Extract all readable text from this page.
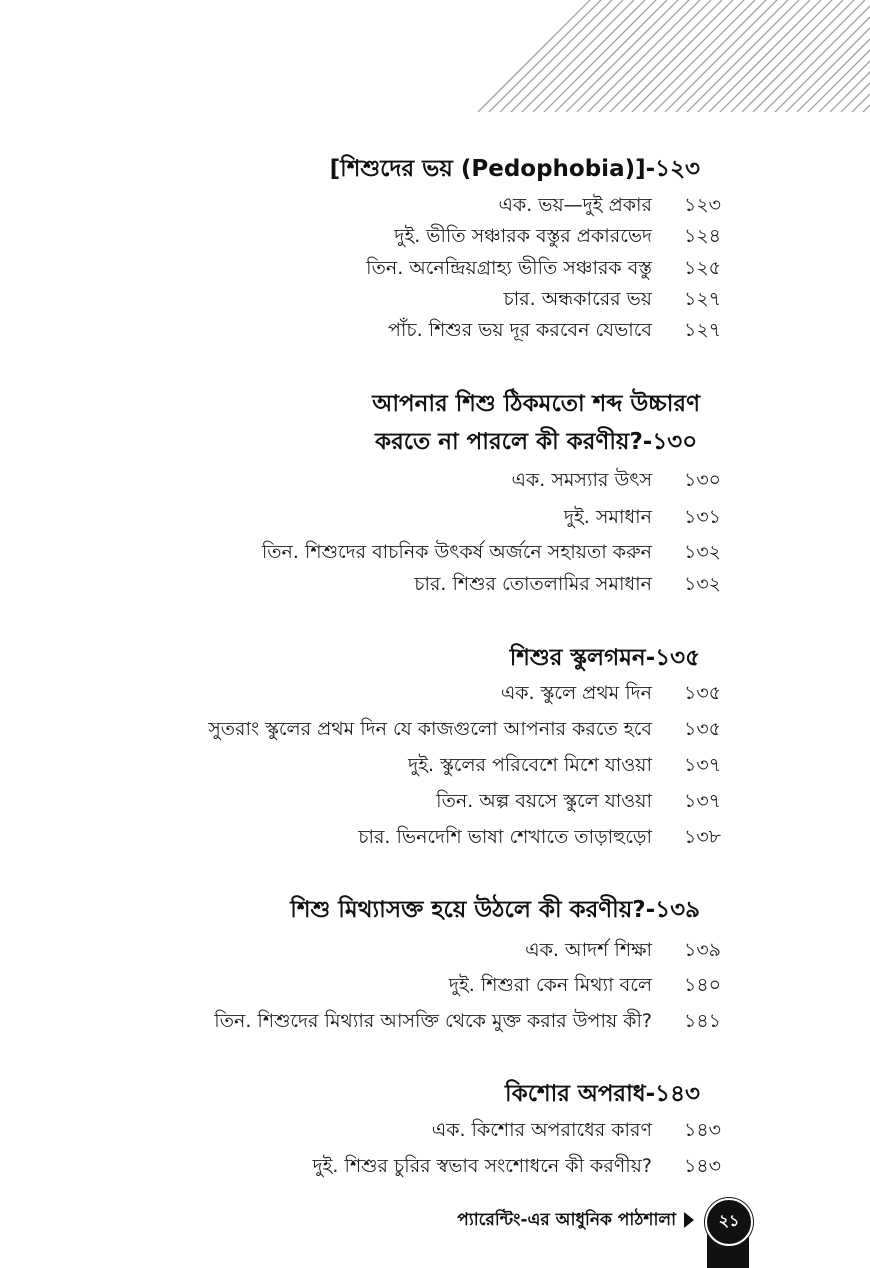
[শিশুদের ভয় (Pedophobia)]-১২৩
এক. ভয়—দুই প্রকার ১২৩
দুই. ভীতি সঞ্চারক বস্তুর প্রকারভেদ ১২৪
তিন. অনেন্দ্রিয়গ্রাহ্য ভীতি সঞ্চারক বস্তু ১২৫
চার. অন্ধকারের ভয় ১২৭
পাঁচ. শিশুর ভয় দূর করবেন যেভাবে ১২৭
আপনার শিশু ঠিকমতো শব্দ উচ্চারণ
করতে না পারলে কী করণীয়?-১৩০
এক. সমস্যার উৎস ১৩০
দুই. সমাধান ১৩১
তিন. শিশুদের বাচনিক উৎকর্ষ অর্জনে সহায়তা করুন ১৩২
চার. শিশুর তোতলামির সমাধান ১৩২
শিশুর স্কুলগমন-১৩৫
এক. স্কুলে প্রথম দিন ১৩৫
সুতরাং স্কুলের প্রথম দিন যে কাজগুলো আপনার করতে হবে ১৩৫
দুই. স্কুলের পরিবেশে মিশে যাওয়া ১৩৭
তিন. অল্প বয়সে স্কুলে যাওয়া ১৩৭
চার. ভিনদেশি ভাষা শেখাতে তাড়াহুড়ো ১৩৮
শিশু মিথ্যাসক্ত হয়ে উঠলে কী করণীয়?-১৩৯
এক. আদর্শ শিক্ষা ১৩৯
দুই. শিশুরা কেন মিথ্যা বলে ১৪০
তিন. শিশুদের মিথ্যার আসক্তি থেকে মুক্ত করার উপায় কী? ১৪১
কিশোর অপরাধ-১৪৩
এক. কিশোর অপরাধের কারণ ১৪৩
দুই. শিশুর চুরির স্বভাব সংশোধনে কী করণীয়? ১৪৩
প্যারেন্টিং-এর আধুনিক পাঠশালা	২১
